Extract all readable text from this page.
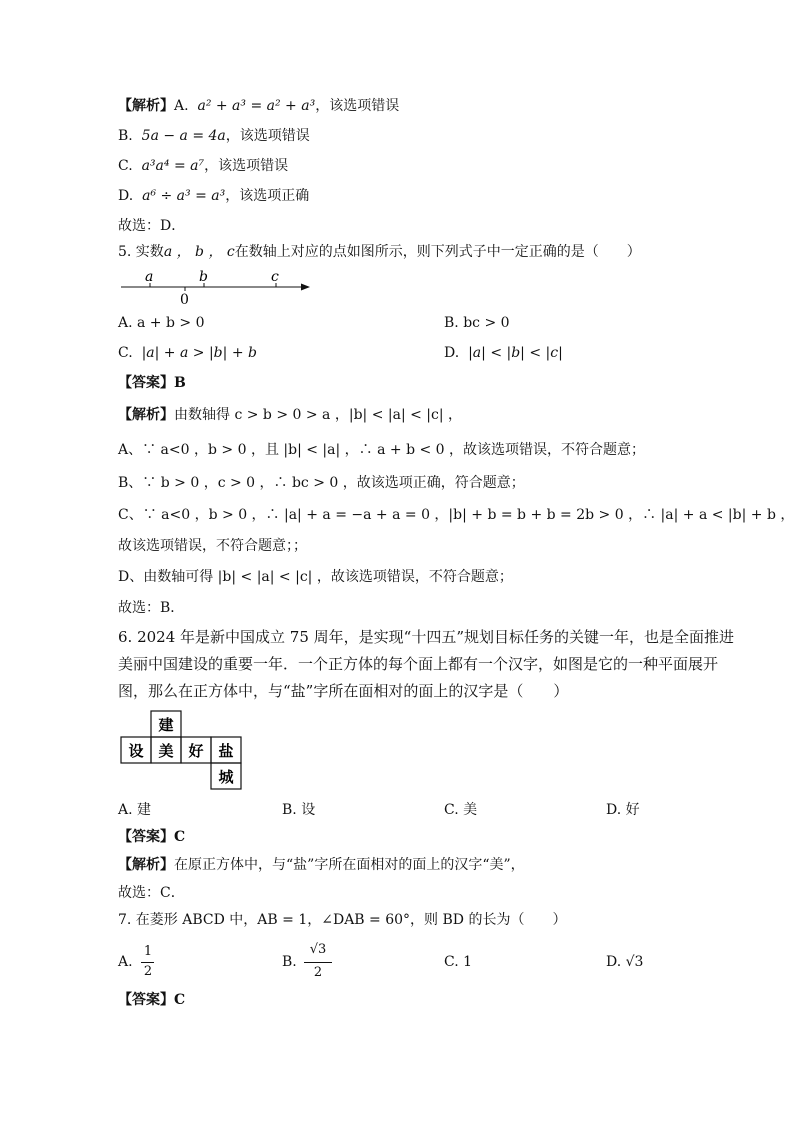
【解析】A. a² + a³ = a² + a³，该选项错误
B. 5a − a = 4a，该选项错误
C. a³a⁴ = a⁷，该选项错误
D. a⁶ ÷ a³ = a³，该选项正确
故选：D．
5. 实数a ， b ， c在数轴上对应的点如图所示，则下列式子中一定正确的是（　　）
a	b	c
0
A. a + b > 0	B. bc > 0
C. |a| + a > |b| + b	D. |a| < |b| < |c|
【答案】B
【解析】由数轴得 c > b > 0 > a ，|b| < |a| < |c| ，
A、∵ a<0 ，b > 0 ，且 |b| < |a| ，∴ a + b < 0 ，故该选项错误，不符合题意；
B、∵ b > 0 ，c > 0 ，∴ bc > 0 ，故该选项正确，符合题意；
C、∵ a<0 ，b > 0 ，∴ |a| + a = −a + a = 0 ，|b| + b = b + b = 2b > 0 ，∴ |a| + a < |b| + b ，
故该选项错误，不符合题意；；
D、由数轴可得 |b| < |a| < |c| ，故该选项错误，不符合题意；
故选：B．
6. 2024 年是新中国成立 75 周年，是实现“十四五”规划目标任务的关键一年，也是全面推进
美丽中国建设的重要一年．一个正方体的每个面上都有一个汉字，如图是它的一种平面展开
图，那么在正方体中，与“盐”字所在面相对的面上的汉字是（　　）
建
设 美 好 盐
城
A. 建	B. 设	C. 美	D. 好
【答案】C
【解析】在原正方体中，与“盐”字所在面相对的面上的汉字“美”，
故选：C．
7. 在菱形 ABCD 中，AB = 1，∠DAB = 60°，则 BD 的长为（　　）
A.
1
2
B.
√3
2
C. 1	D. √3
【答案】C
